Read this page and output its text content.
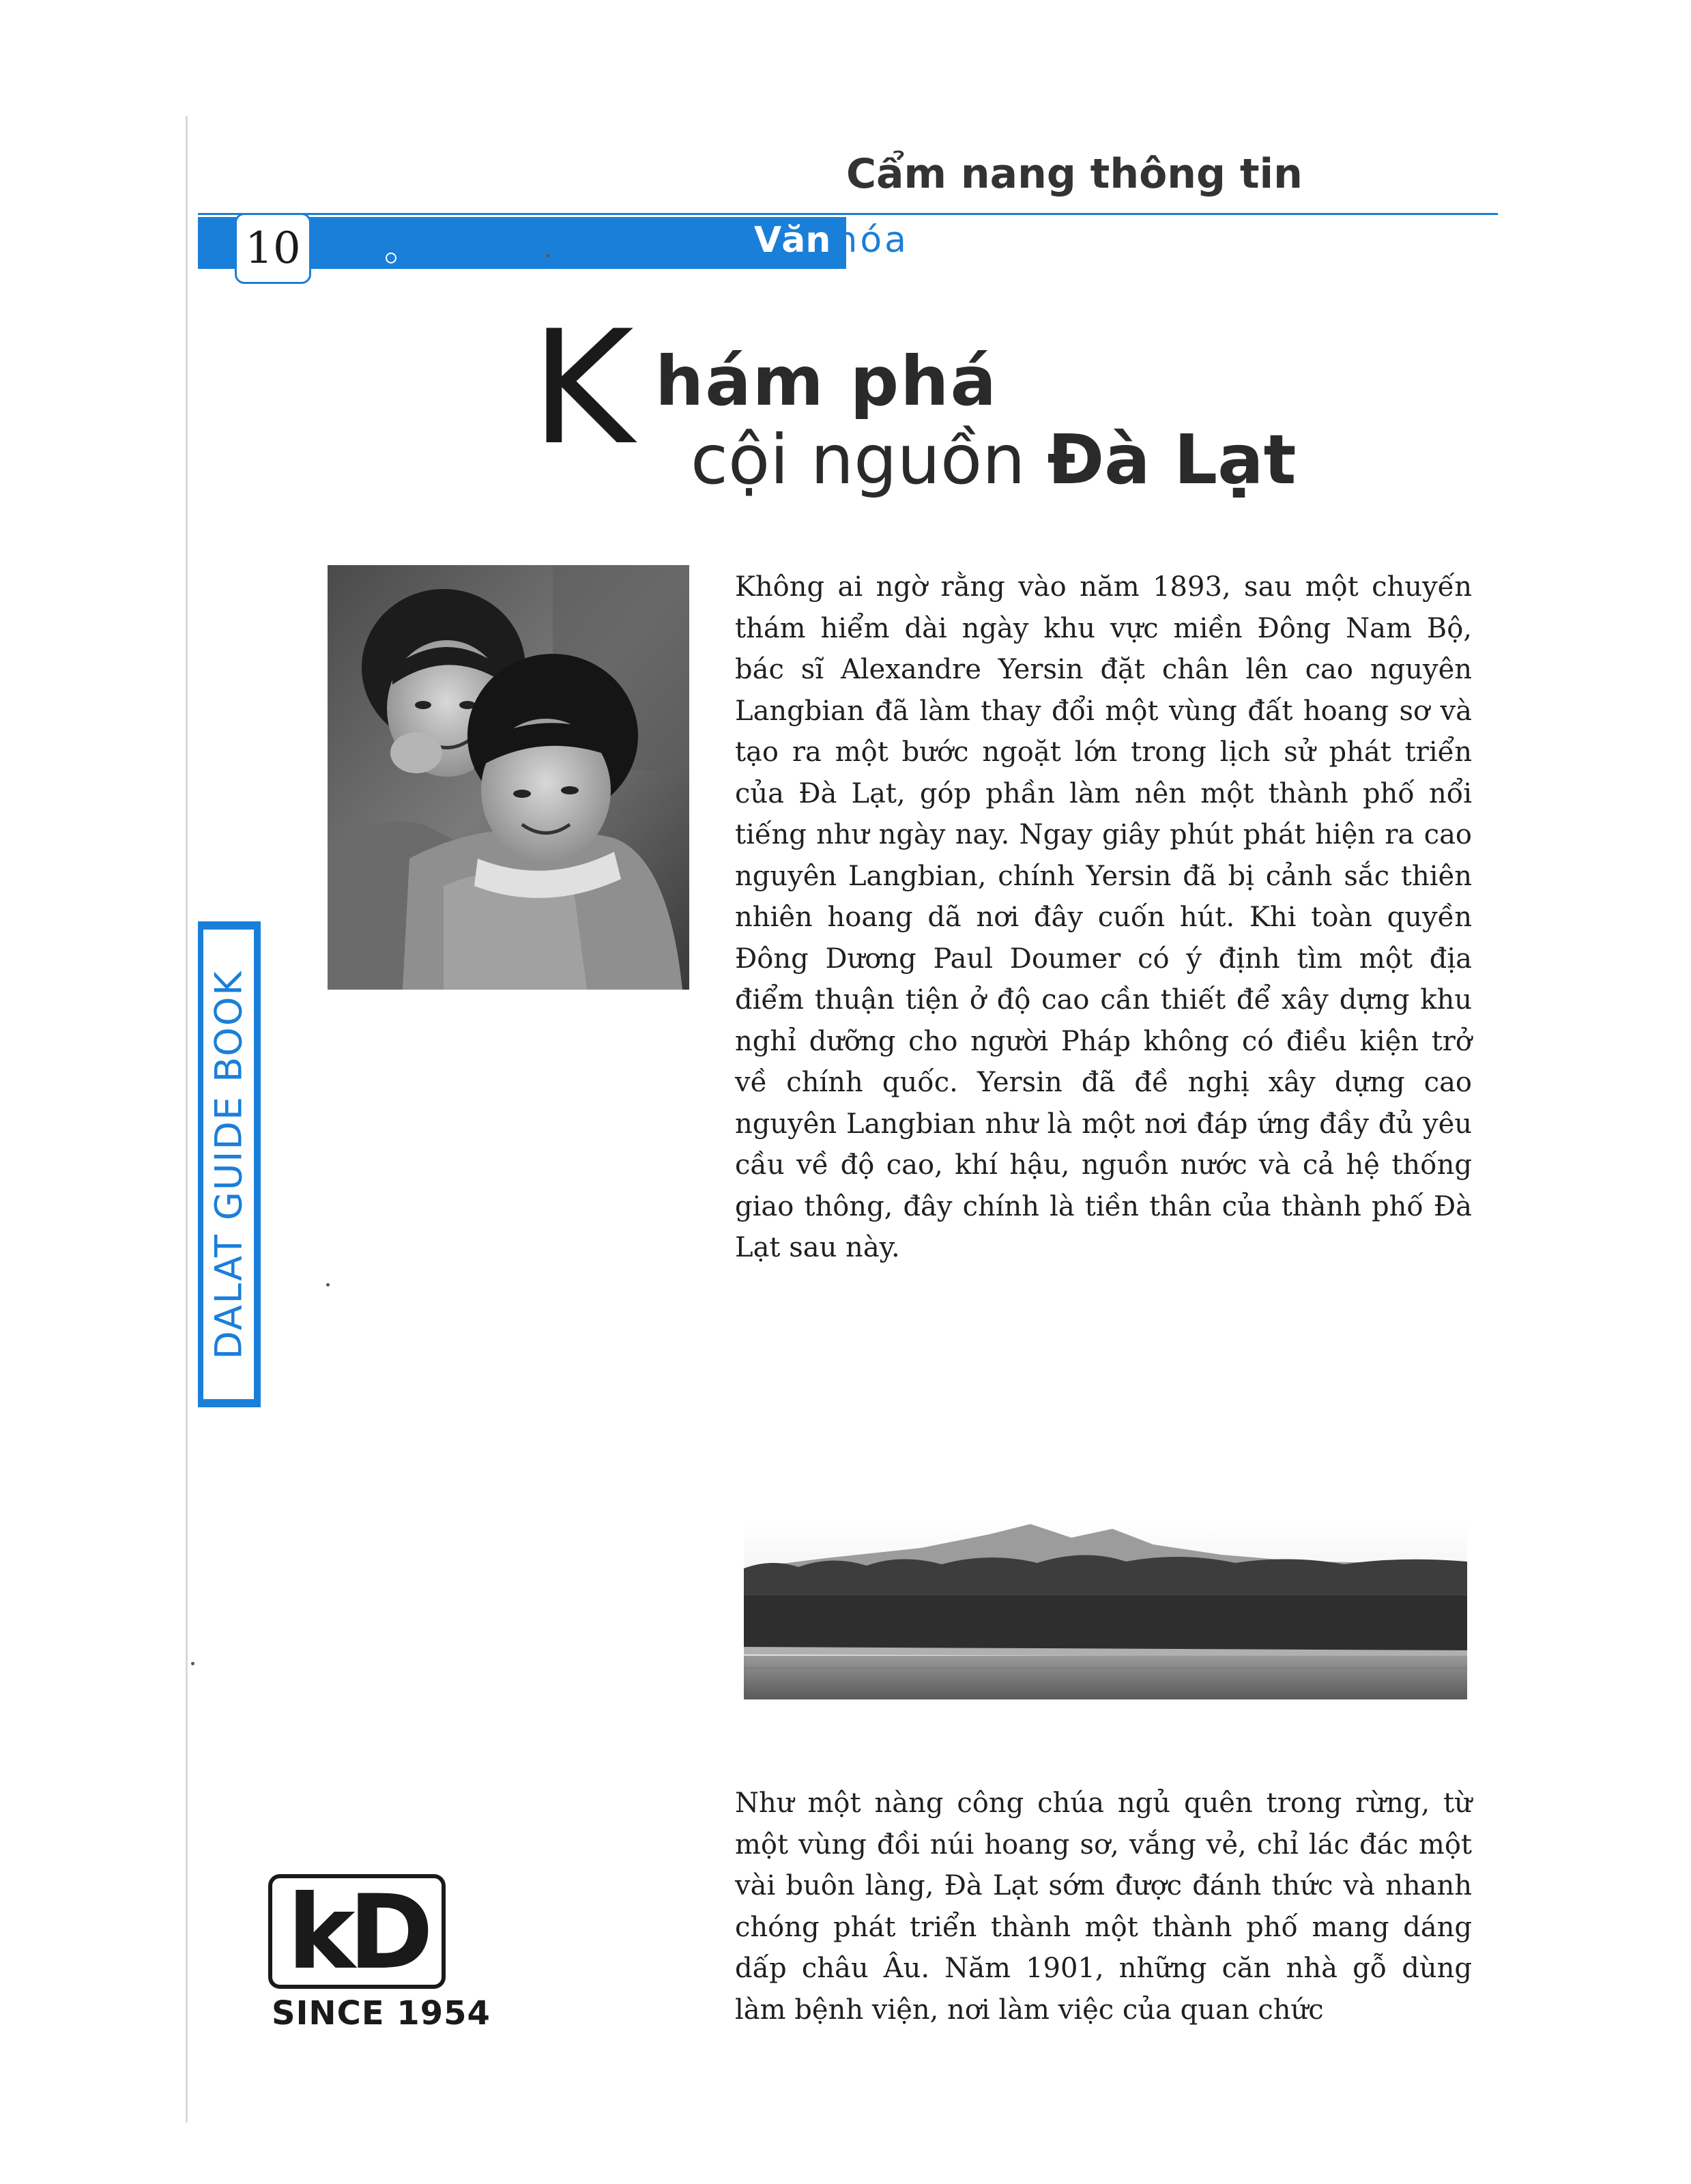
Cẩm nang thông tin
10	Văn hóa
K hám phá
cội nguồn Đà Lạt
Không ai ngờ rằng vào năm 1893, sau một chuyến thám hiểm dài ngày khu vực miền Đông Nam Bộ, bác sĩ Alexandre Yersin đặt chân lên cao nguyên Langbian đã làm thay đổi một vùng đất hoang sơ và tạo ra một bước ngoặt lớn trong lịch sử phát triển của Đà Lạt, góp phần làm nên một thành phố nổi tiếng như ngày nay. Ngay giây phút phát hiện ra cao nguyên Langbian, chính Yersin đã bị cảnh sắc thiên nhiên hoang dã nơi đây cuốn hút. Khi toàn quyền Đông Dương Paul Doumer có ý định tìm một địa điểm thuận tiện ở độ cao cần thiết để xây dựng khu nghỉ dưỡng cho người Pháp không có điều kiện trở về chính quốc. Yersin đã đề nghị xây dựng cao nguyên Langbian như là một nơi đáp ứng đầy đủ yêu cầu về độ cao, khí hậu, nguồn nước và cả hệ thống giao thông, đây chính là tiền thân của thành phố Đà Lạt sau này.
DALAT GUIDE BOOK
Như một nàng công chúa ngủ quên trong rừng, từ một vùng đồi núi hoang sơ, vắng vẻ, chỉ lác đác một vài buôn làng, Đà Lạt sớm được đánh thức và nhanh chóng phát triển thành một thành phố mang dáng dấp châu Âu. Năm 1901, những căn nhà gỗ dùng làm bệnh viện, nơi làm việc của quan chức
kD
SINCE 1954
